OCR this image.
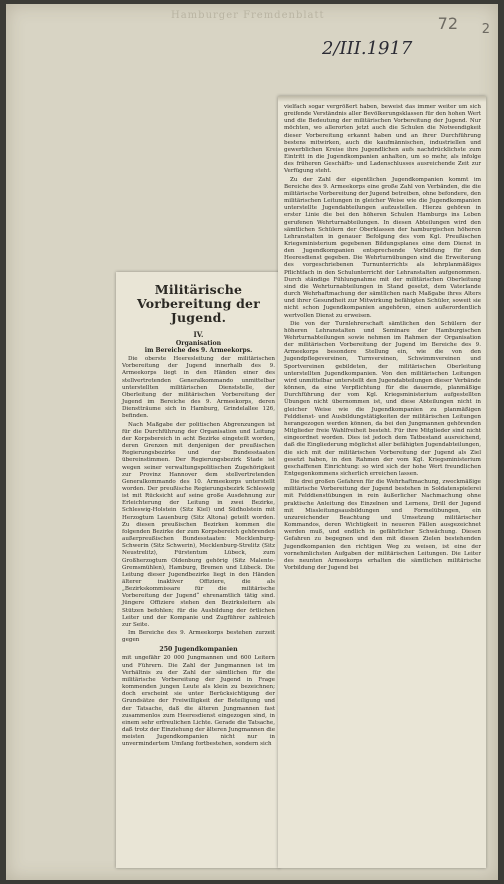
Hamburger Fremdenblatt	72 2
2/III.1917
Militärische Vorbereitung der Jugend.
IV.
Organisation
im Bereiche des 9. Armeekorps.

Die oberste Heeresleitung der militärischen Vorbereitung der Jugend innerhalb des 9. Armeekorps liegt in den Händen einer des stellvertretenden Generalkommando unmittelbar unterstellten militärischen Dienststelle, der Oberleitung der militärischen Vorbereitung der Jugend im Bereiche des 9. Armeekorps, deren Dienstträume sich in Hamburg, Grindelallee 126, befinden.

Nach Maßgabe der politischen Abgrenzungen ist für die Durchführung der Organisation und Leitung der Korpsbereich in acht Bezirke eingeteilt worden, deren Grenzen mit denjenigen der preußischen Regierungsbezirke und der Bundesstaaten übereinstimmen. Der Regierungsbezirk Stade ist wegen seiner verwaltungspolitischen Zugehörigkeit zur Provinz Hannover dem stellvertretenden Generalkommando des 10. Armeekorps unterstellt worden. Der preußische Regierungsbezirk Schleswig ist mit Rücksicht auf seine große Ausdehnung zur Erleichterung der Leitung in zwei Bezirke, Schleswig-Holstein (Sitz Kiel) und Südholstein mit Herzogtum Lauenburg (Sitz Altona) geteilt worden. Zu diesen preußischen Bezirken kommen die folgenden Bezirke der zum Korpsbereich gehörenden außerpreußischen Bundesstaaten: Mecklenburg-Schwerin (Sitz Schwerin), Mecklenburg-Strelitz (Sitz Neustrelitz), Fürstentum Lübeck, zum Großherzogtum Oldenburg gehörig (Sitz Malente-Gremsmühlen), Hamburg, Bremen und Lübeck. Die Leitung dieser Jugendbezirke liegt in den Händen älterer inaktiver Offiziere, die als „Bezirkskommissare für die militärische Vorbereitung der Jugend“ ehrenamtlich tätig sind. Jüngere Offiziere stehen den Bezirksleitern als Stützen befohlen; für die Ausbildung der örtlichen Leiter und der Kompanie und Zugführer zahlreich zur Seite.

Im Bereiche des 9. Armeekorps bestehen zurzeit gegen

250 Jugendkompanien

mit ungefähr 20 000 Jungmannen und 600 Leitern und Führern. Die Zahl der Jungmannen ist im Verhältnis zu der Zahl der sämtlichen für die militärische Vorbereitung der Jugend in Frage kommenden jungen Leute als klein zu bezeichnen; doch erscheint sie unter Berücksichtigung der Grundsätze der Freiwilligkeit der Beteiligung und der Tatsache, daß die älteren Jungmannen fast zusammenlos zum Heeresdienst eingezogen sind, in einem sehr erfreulichen Lichte. Gerade die Tatsache, daß trotz der Einziehung der älteren Jungmannen die meisten Jugendkompanien nicht nur in unvermindertem Umfang fortbestehen, sondern sich

vielfach sogar vergrößert haben, beweist das immer weiter um sich greifende Verständnis aller Bevölkerungsklassen für den hohen Wert und die Bedeutung der militärischen Vorbereitung der Jugend. Nur möchten, wo allerorten jetzt auch die Schulen die Notwendigkeit dieser Vorbereitung erkannt haben und an ihrer Durchführung bestens mitwirken, auch die kaufmännischen, industriellen und gewerblichen Kreise ihre Jugendlichen aufs nachdrücklichste zum Eintritt in die Jugendkompanien anhalten, um so mehr, als infolge des früheren Geschäfts- und Ladenschlusses ausreichende Zeit zur Verfügung steht.

Zu der Zahl der eigentlichen Jugendkompanien kommt im Bereiche des 9. Armeekorps eine große Zahl von Verbänden, die die militärische Vorbereitung der Jugend betreiben, ohne befondere, den militärischen Leitungen in gleicher Weise wie die Jugendkompanien unterstellte Jugendabteilungen aufzustellen. Hierzu gehören in erster Linie die bei den höheren Schulen Hamburgs ins Leben gerufenen Wehrturnabteilungen. In diesen Abteilungen wird den sämtlichen Schülern der Oberklassen der hamburgischen höheren Lehranstalten in genauer Befolgung des vom Kgl. Preußischen Kriegsministerium gegebenen Bildungsplanes eine dem Dienst in den Jugendkompanien entsprechende Vorbildung für den Heeresdienst gegeben. Die Wehrturnübungen sind die Erweiterung des vorgeschriebenen Turnunterrichts als lehrplanmäßiges Pflichtfach in den Schulunterricht der Lehranstalten aufgenommen. Durch ständige Fühlungnahme mit der militärischen Oberleitung sind die Wehrturnabteilungen in Stand gesetzt, dem Vaterlande durch Wehrhaftmachung der sämtlichen nach Maßgabe ihres Alters und ihrer Gesundheit zur Mitwirkung befähigten Schüler, soweit sie nicht schon Jugendkompanien angehören, einen außerordentlich wertvollen Dienst zu erweisen.

Die von der Turnlehrerschaft sämtlichen den Schülern der höheren Lehranstalten und Seminare der Hamburgischen Wehrturnabteilungen sowie nehmen im Rahmen der Organisation der militärischen Vorbereitung der Jugend im Bereiche des 9. Armeekorps besondere Stellung ein, wie die von den Jugendpflegevereinen, Turnvereinen, Schwimmvereinen und Sportvereinen gebildeten, der militärischen Oberleitung unterstellten Jugendkompanien. Von den militärischen Leitungen wird unmittelbar unterstellt den Jugendabteilungen dieser Verbände können, da eine Verpflichtung für die dauernde, planmäßige Durchführung der vom Kgl. Kriegsministerium aufgestellten Übungen nicht übernommen ist, und diese Abteilungen nicht in gleicher Weise wie die Jugendkompanien zu planmäßigen Felddienst- und Ausbildungstätigkeiten der militärischen Leitungen herangezogen werden können, da bei den Jungmannen gehörenden Mitglieder freie Wahlfreiheit besteht. Für ihre Mitglieder sind nicht eingeordnet worden. Dies ist jedoch dem Tatbestand ausreichend, daß die Eingliederung möglichst aller befähigten Jugendabteilungen, die sich mit der militärischen Vorbereitung der Jugend als Ziel gesetzt haben, in den Rahmen der vom Kgl. Kriegsministerium geschaffenen Einrichtung: so wird sich der hohe Wert freundlichen Entgegenkommens sicherlich erreichen lassen.

Die drei großen Gefahren für die Wehrhaftmachung, zweckmäßige militärische Vorbereitung der Jugend bestehen in Soldatenspielerei mit Felddienstübungen in rein äußerlicher Nachmachung ohne praktische Anleitung des Einzelnen und Lernens, Drill der Jugend mit Missleitungsausbildungen und Formelübungen, ein unzureichender Beachtung und Umsetzung militärischer Kommandos, deren Wichtigkeit in neueren Fällen ausgezeichnet werden muß, und endlich in gefährlicher Schwächung. Diesen Gefahren zu begegnen und den mit diesen Zielen bestehenden Jugendkompanien den richtigen Weg zu weisen, ist eine der vornehmlichsten Aufgaben der militärischen Leitungen. Die Leiter des neunten Armeekorps erhalten die sämtlichen militärische Vorbildung der Jugend bei
